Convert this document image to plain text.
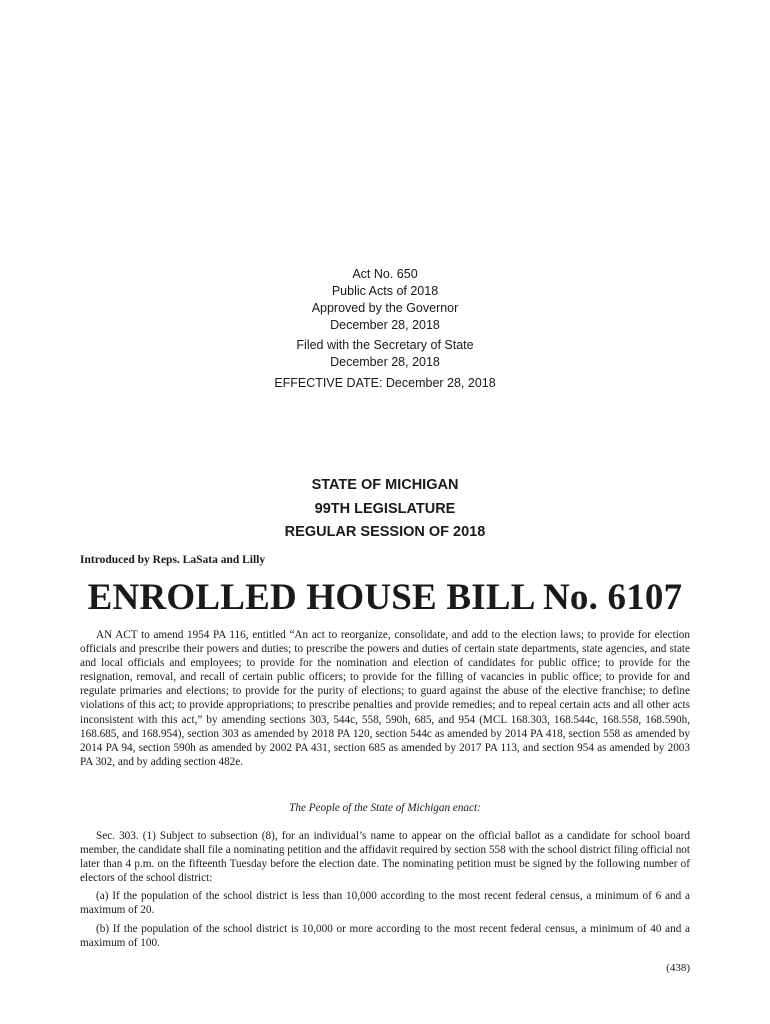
Act No. 650
Public Acts of 2018
Approved by the Governor
December 28, 2018
Filed with the Secretary of State
December 28, 2018
EFFECTIVE DATE: December 28, 2018
STATE OF MICHIGAN
99TH LEGISLATURE
REGULAR SESSION OF 2018
Introduced by Reps. LaSata and Lilly
ENROLLED HOUSE BILL No. 6107

AN ACT to amend 1954 PA 116, entitled “An act to reorganize, consolidate, and add to the election laws; to provide for election officials and prescribe their powers and duties; to prescribe the powers and duties of certain state departments, state agencies, and state and local officials and employees; to provide for the nomination and election of candidates for public office; to provide for the resignation, removal, and recall of certain public officers; to provide for the filling of vacancies in public office; to provide for and regulate primaries and elections; to provide for the purity of elections; to guard against the abuse of the elective franchise; to define violations of this act; to provide appropriations; to prescribe penalties and provide remedies; and to repeal certain acts and all other acts inconsistent with this act,” by amending sections 303, 544c, 558, 590h, 685, and 954 (MCL 168.303, 168.544c, 168.558, 168.590h, 168.685, and 168.954), section 303 as amended by 2018 PA 120, section 544c as amended by 2014 PA 418, section 558 as amended by 2014 PA 94, section 590h as amended by 2002 PA 431, section 685 as amended by 2017 PA 113, and section 954 as amended by 2003 PA 302, and by adding section 482e.

The People of the State of Michigan enact:

Sec. 303. (1) Subject to subsection (8), for an individual’s name to appear on the official ballot as a candidate for school board member, the candidate shall file a nominating petition and the affidavit required by section 558 with the school district filing official not later than 4 p.m. on the fifteenth Tuesday before the election date. The nominating petition must be signed by the following number of electors of the school district:

(a) If the population of the school district is less than 10,000 according to the most recent federal census, a minimum of 6 and a maximum of 20.

(b) If the population of the school district is 10,000 or more according to the most recent federal census, a minimum of 40 and a maximum of 100.

(438)
